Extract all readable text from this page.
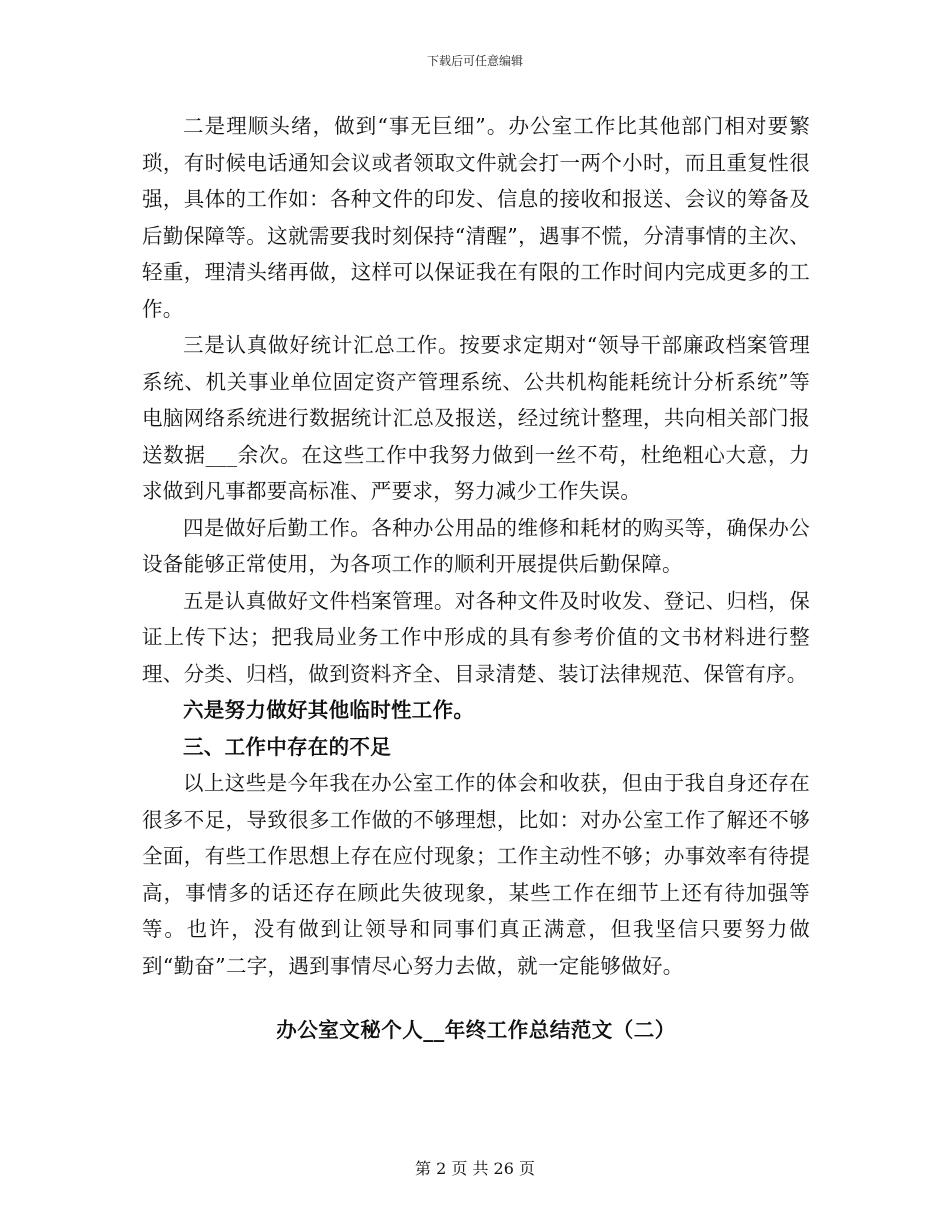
下载后可任意编辑

二是理顺头绪，做到“事无巨细”。办公室工作比其他部门相对要繁琐，有时候电话通知会议或者领取文件就会打一两个小时，而且重复性很强，具体的工作如：各种文件的印发、信息的接收和报送、会议的筹备及后勤保障等。这就需要我时刻保持“清醒”，遇事不慌，分清事情的主次、轻重，理清头绪再做，这样可以保证我在有限的工作时间内完成更多的工作。

三是认真做好统计汇总工作。按要求定期对“领导干部廉政档案管理系统、机关事业单位固定资产管理系统、公共机构能耗统计分析系统”等电脑网络系统进行数据统计汇总及报送，经过统计整理，共向相关部门报送数据___余次。在这些工作中我努力做到一丝不苟，杜绝粗心大意，力求做到凡事都要高标准、严要求，努力减少工作失误。

四是做好后勤工作。各种办公用品的维修和耗材的购买等，确保办公设备能够正常使用，为各项工作的顺利开展提供后勤保障。

五是认真做好文件档案管理。对各种文件及时收发、登记、归档，保证上传下达；把我局业务工作中形成的具有参考价值的文书材料进行整理、分类、归档，做到资料齐全、目录清楚、装订法律规范、保管有序。

六是努力做好其他临时性工作。

三、工作中存在的不足

以上这些是今年我在办公室工作的体会和收获，但由于我自身还存在很多不足，导致很多工作做的不够理想，比如：对办公室工作了解还不够全面，有些工作思想上存在应付现象；工作主动性不够；办事效率有待提高，事情多的话还存在顾此失彼现象，某些工作在细节上还有待加强等等。也许，没有做到让领导和同事们真正满意，但我坚信只要努力做到“勤奋”二字，遇到事情尽心努力去做，就一定能够做好。

办公室文秘个人__年终工作总结范文（二）

第 2 页 共 26 页
